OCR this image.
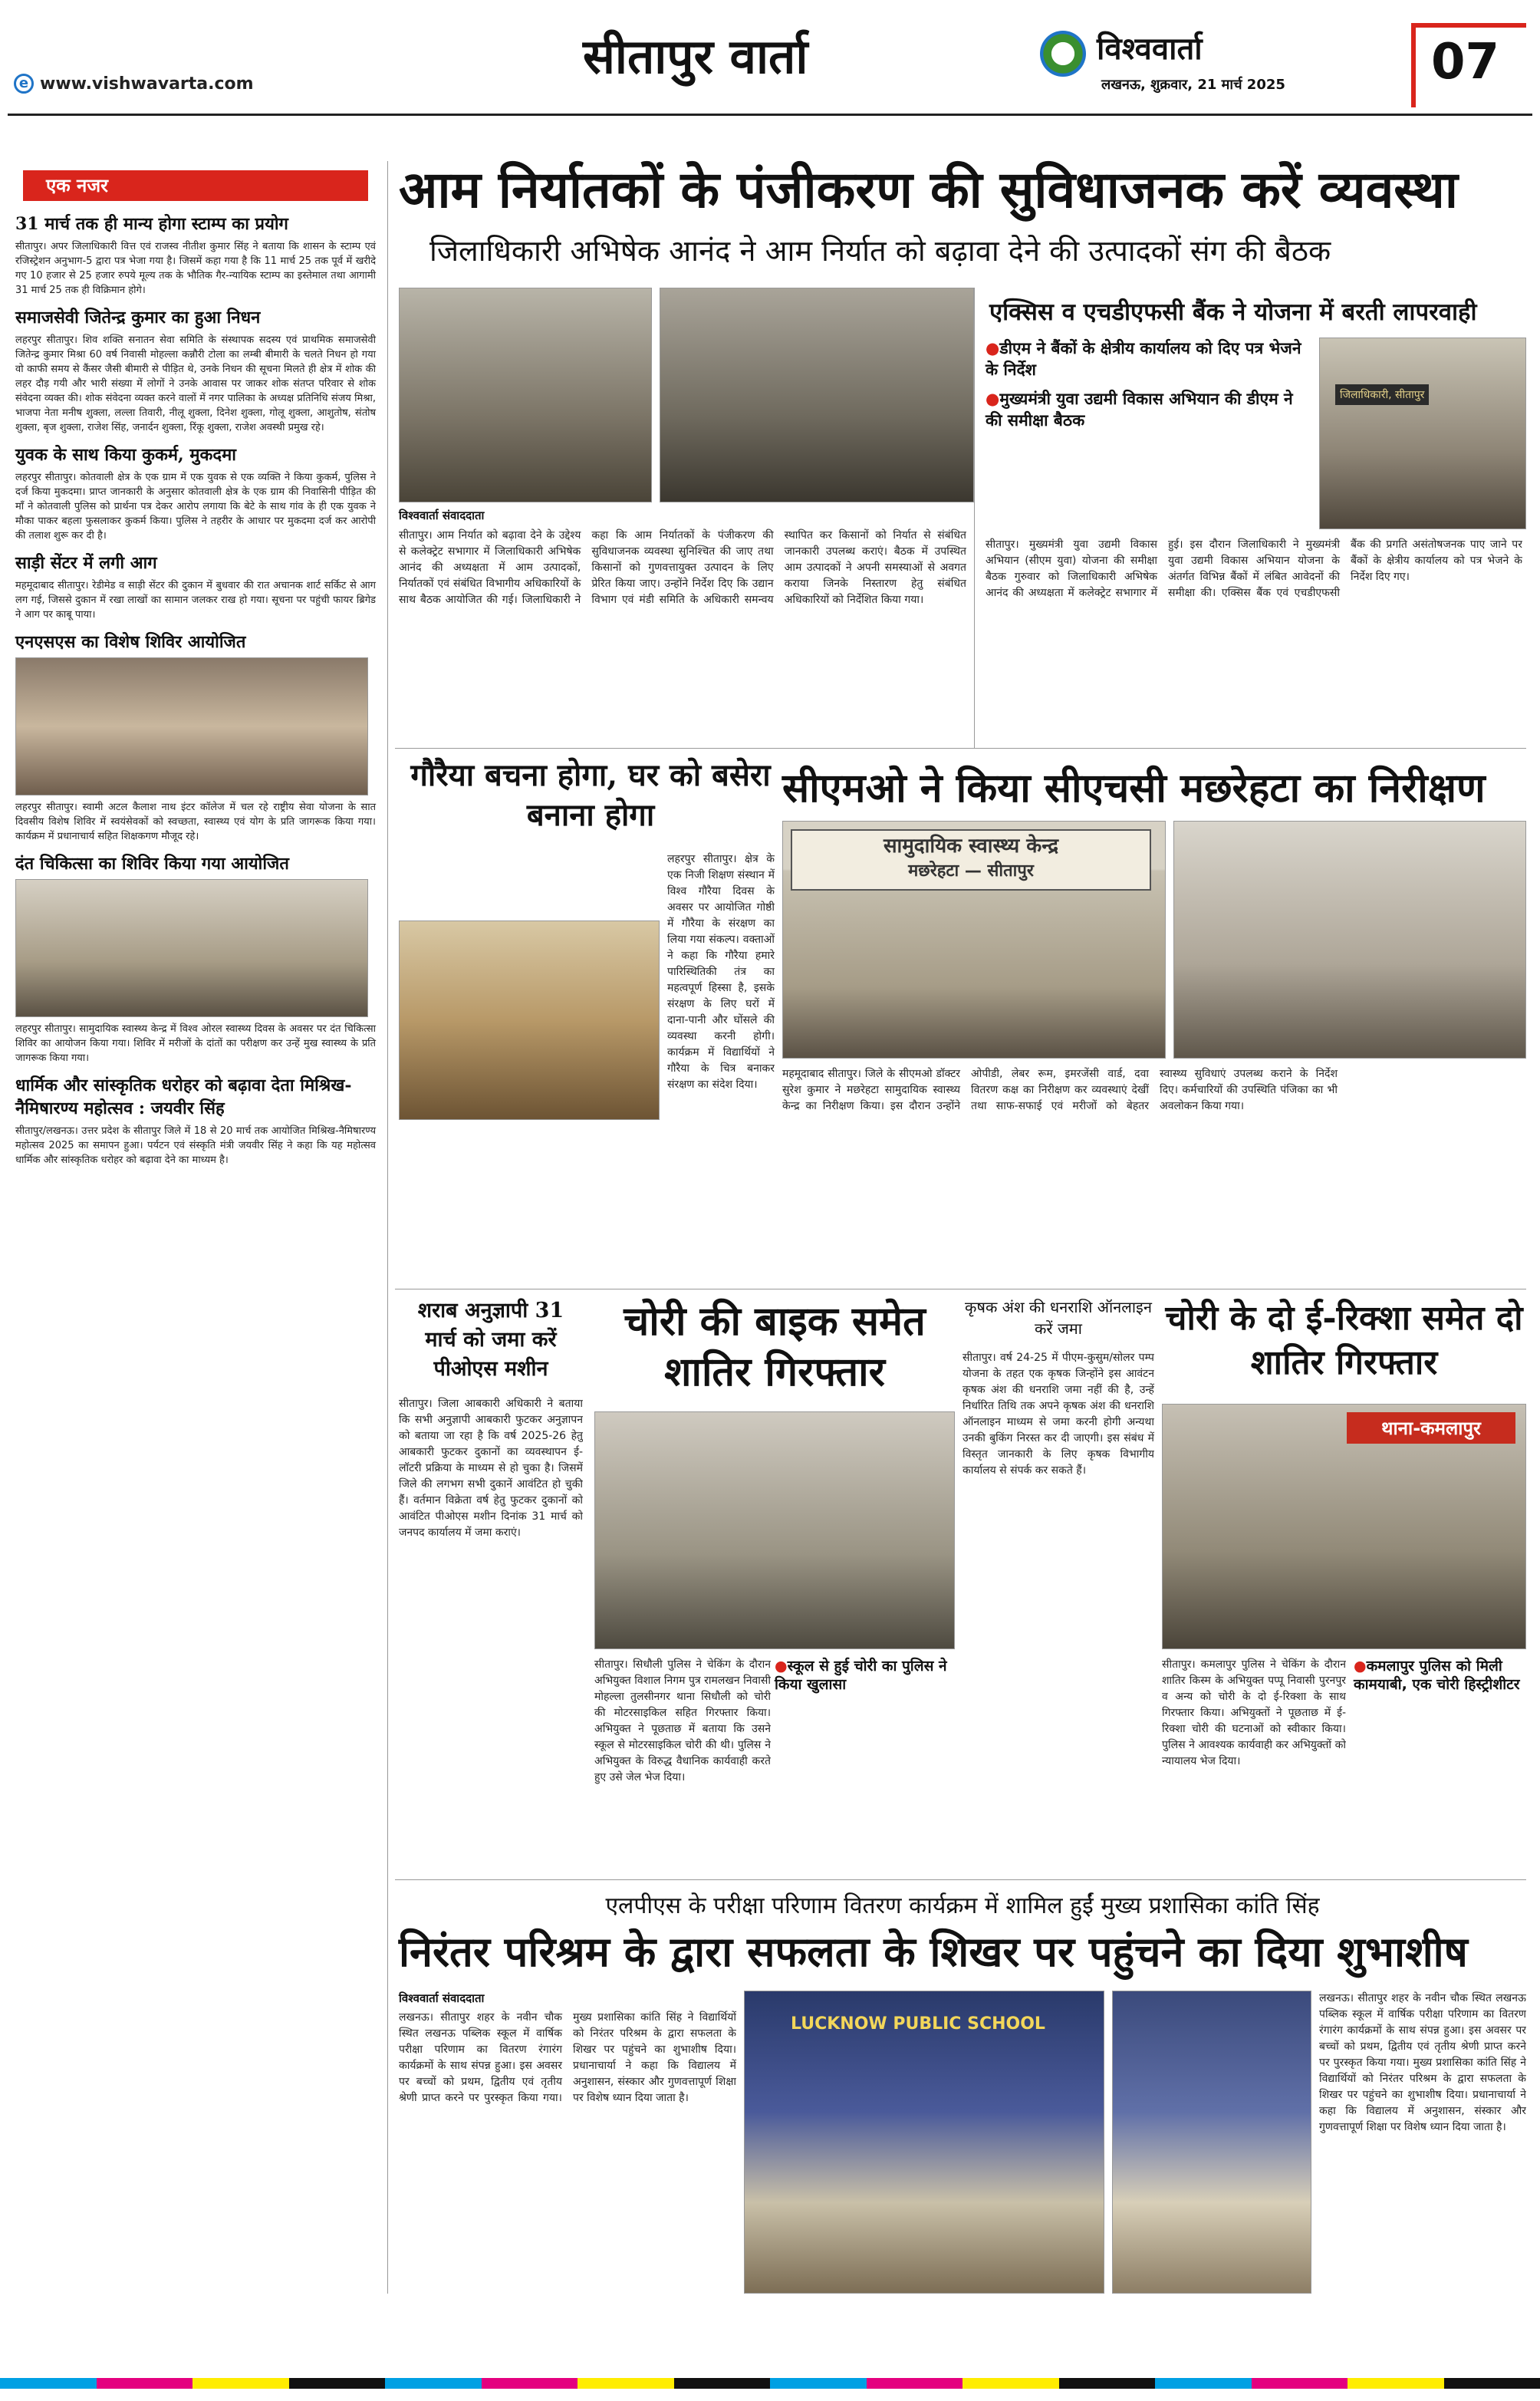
e www.vishwavarta.com	सीतापुर वार्ता	विश्ववार्ता
लखनऊ, शुक्रवार, 21 मार्च 2025	07
एक नजर
31 मार्च तक ही मान्य होगा स्टाम्प का प्रयोग
सीतापुर। अपर जिलाधिकारी वित्त एवं राजस्व नीतीश कुमार सिंह ने बताया कि शासन के स्टाम्प एवं रजिस्ट्रेशन अनुभाग-5 द्वारा पत्र भेजा गया है। जिसमें कहा गया है कि 11 मार्च 25 तक पूर्व में खरीदे गए 10 हजार से 25 हजार रुपये मूल्य तक के भौतिक गैर-न्यायिक स्टाम्प का इस्तेमाल तथा आगामी 31 मार्च 25 तक ही विक्रिमान होगे।
समाजसेवी जितेन्द्र कुमार का हुआ निधन
लहरपुर सीतापुर। शिव शक्ति सनातन सेवा समिति के संस्थापक सदस्य एवं प्राथमिक समाजसेवी जितेन्द्र कुमार मिश्रा 60 वर्ष निवासी मोहल्ला कन्नौरी टोला का लम्बी बीमारी के चलते निधन हो गया वो काफी समय से कैंसर जैसी बीमारी से पीड़ित थे, उनके निधन की सूचना मिलते ही क्षेत्र में शोक की लहर दौड़ गयी और भारी संख्या में लोगों ने उनके आवास पर जाकर शोक संतप्त परिवार से शोक संवेदना व्यक्त की। शोक संवेदना व्यक्त करने वालों में नगर पालिका के अध्यक्ष प्रतिनिधि संजय मिश्रा, भाजपा नेता मनीष शुक्ला, लल्ला तिवारी, नीलू शुक्ला, दिनेश शुक्ला, गोलू शुक्ला, आशुतोष, संतोष शुक्ला, बृज शुक्ला, राजेश सिंह, जनार्दन शुक्ला, रिंकू शुक्ला, राजेश अवस्थी प्रमुख रहे।
युवक के साथ किया कुकर्म, मुकदमा
लहरपुर सीतापुर। कोतवाली क्षेत्र के एक ग्राम में एक युवक से एक व्यक्ति ने किया कुकर्म, पुलिस ने दर्ज किया मुकदमा। प्राप्त जानकारी के अनुसार कोतवाली क्षेत्र के एक ग्राम की निवासिनी पीड़ित की माँ ने कोतवाली पुलिस को प्रार्थना पत्र देकर आरोप लगाया कि बेटे के साथ गांव के ही एक युवक ने मौका पाकर बहला फुसलाकर कुकर्म किया। पुलिस ने तहरीर के आधार पर मुकदमा दर्ज कर आरोपी की तलाश शुरू कर दी है।
साड़ी सेंटर में लगी आग
महमूदाबाद सीतापुर। रेडीमेड व साड़ी सेंटर की दुकान में बुधवार की रात अचानक शार्ट सर्किट से आग लग गई, जिससे दुकान में रखा लाखों का सामान जलकर राख हो गया। सूचना पर पहुंची फायर ब्रिगेड ने आग पर काबू पाया।
एनएसएस का विशेष शिविर आयोजित
लहरपुर सीतापुर। स्वामी अटल कैलाश नाथ इंटर कॉलेज में चल रहे राष्ट्रीय सेवा योजना के सात दिवसीय विशेष शिविर में स्वयंसेवकों को स्वच्छता, स्वास्थ्य एवं योग के प्रति जागरूक किया गया। कार्यक्रम में प्रधानाचार्य सहित शिक्षकगण मौजूद रहे।
दंत चिकित्सा का शिविर किया गया आयोजित
लहरपुर सीतापुर। सामुदायिक स्वास्थ्य केन्द्र में विश्व ओरल स्वास्थ्य दिवस के अवसर पर दंत चिकित्सा शिविर का आयोजन किया गया। शिविर में मरीजों के दांतों का परीक्षण कर उन्हें मुख स्वास्थ्य के प्रति जागरूक किया गया।
धार्मिक और सांस्कृतिक धरोहर को बढ़ावा देता मिश्रिख-नैमिषारण्य महोत्सव : जयवीर सिंह
सीतापुर/लखनऊ। उत्तर प्रदेश के सीतापुर जिले में 18 से 20 मार्च तक आयोजित मिश्रिख-नैमिषारण्य महोत्सव 2025 का समापन हुआ। पर्यटन एवं संस्कृति मंत्री जयवीर सिंह ने कहा कि यह महोत्सव धार्मिक और सांस्कृतिक धरोहर को बढ़ावा देने का माध्यम है।
आम निर्यातकों के पंजीकरण की सुविधाजनक करें व्यवस्था
जिलाधिकारी अभिषेक आनंद ने आम निर्यात को बढ़ावा देने की उत्पादकों संग की बैठक
विश्ववार्ता संवाददाता
सीतापुर। आम निर्यात को बढ़ावा देने के उद्देश्य से कलेक्ट्रेट सभागार में जिलाधिकारी अभिषेक आनंद की अध्यक्षता में आम उत्पादकों, निर्यातकों एवं संबंधित विभागीय अधिकारियों के साथ बैठक आयोजित की गई। जिलाधिकारी ने कहा कि आम निर्यातकों के पंजीकरण की सुविधाजनक व्यवस्था सुनिश्चित की जाए तथा किसानों को गुणवत्तायुक्त उत्पादन के लिए प्रेरित किया जाए। उन्होंने निर्देश दिए कि उद्यान विभाग एवं मंडी समिति के अधिकारी समन्वय स्थापित कर किसानों को निर्यात से संबंधित जानकारी उपलब्ध कराएं। बैठक में उपस्थित आम उत्पादकों ने अपनी समस्याओं से अवगत कराया जिनके निस्तारण हेतु संबंधित अधिकारियों को निर्देशित किया गया।
एक्सिस व एचडीएफसी बैंक ने योजना में बरती लापरवाही
●डीएम ने बैंकों के क्षेत्रीय कार्यालय को दिए पत्र भेजने के निर्देश
●मुख्यमंत्री युवा उद्यमी विकास अभियान की डीएम ने की समीक्षा बैठक
जिलाधिकारी, सीतापुर
सीतापुर। मुख्यमंत्री युवा उद्यमी विकास अभियान (सीएम युवा) योजना की समीक्षा बैठक गुरुवार को जिलाधिकारी अभिषेक आनंद की अध्यक्षता में कलेक्ट्रेट सभागार में हुई। इस दौरान जिलाधिकारी ने मुख्यमंत्री युवा उद्यमी विकास अभियान योजना के अंतर्गत विभिन्न बैंकों में लंबित आवेदनों की समीक्षा की। एक्सिस बैंक एवं एचडीएफसी बैंक की प्रगति असंतोषजनक पाए जाने पर बैंकों के क्षेत्रीय कार्यालय को पत्र भेजने के निर्देश दिए गए।
गौरैया बचना होगा, घर को बसेरा बनाना होगा
लहरपुर सीतापुर। क्षेत्र के एक निजी शिक्षण संस्थान में विश्व गौरैया दिवस के अवसर पर आयोजित गोष्ठी में गौरैया के संरक्षण का लिया गया संकल्प। वक्ताओं ने कहा कि गौरैया हमारे पारिस्थितिकी तंत्र का महत्वपूर्ण हिस्सा है, इसके संरक्षण के लिए घरों में दाना-पानी और घोंसले की व्यवस्था करनी होगी। कार्यक्रम में विद्यार्थियों ने गौरैया के चित्र बनाकर संरक्षण का संदेश दिया।
सीएमओ ने किया सीएचसी मछरेहटा का निरीक्षण
सामुदायिक स्वास्थ्य केन्द्र
मछरेहटा — सीतापुर
महमूदाबाद सीतापुर। जिले के सीएमओ डॉक्टर सुरेश कुमार ने मछरेहटा सामुदायिक स्वास्थ्य केन्द्र का निरीक्षण किया। इस दौरान उन्होंने ओपीडी, लेबर रूम, इमरजेंसी वार्ड, दवा वितरण कक्ष का निरीक्षण कर व्यवस्थाएं देखीं तथा साफ-सफाई एवं मरीजों को बेहतर स्वास्थ्य सुविधाएं उपलब्ध कराने के निर्देश दिए। कर्मचारियों की उपस्थिति पंजिका का भी अवलोकन किया गया।
शराब अनुज्ञापी 31 मार्च को जमा करें पीओएस मशीन
सीतापुर। जिला आबकारी अधिकारी ने बताया कि सभी अनुज्ञापी आबकारी फुटकर अनुज्ञापन को बताया जा रहा है कि वर्ष 2025-26 हेतु आबकारी फुटकर दुकानों का व्यवस्थापन ई-लॉटरी प्रक्रिया के माध्यम से हो चुका है। जिसमें जिले की लगभग सभी दुकानें आवंटित हो चुकी हैं। वर्तमान विक्रेता वर्ष हेतु फुटकर दुकानों को आवंटित पीओएस मशीन दिनांक 31 मार्च को जनपद कार्यालय में जमा कराएं।
चोरी की बाइक समेत शातिर गिरफ्तार
●स्कूल से हुई चोरी का पुलिस ने किया खुलासा
सीतापुर। सिधौली पुलिस ने चेकिंग के दौरान अभियुक्त विशाल निगम पुत्र रामलखन निवासी मोहल्ला तुलसीनगर थाना सिधौली को चोरी की मोटरसाइकिल सहित गिरफ्तार किया। अभियुक्त ने पूछताछ में बताया कि उसने स्कूल से मोटरसाइकिल चोरी की थी। पुलिस ने अभियुक्त के विरुद्ध वैधानिक कार्यवाही करते हुए उसे जेल भेज दिया।
कृषक अंश की धनराशि ऑनलाइन करें जमा
सीतापुर। वर्ष 24-25 में पीएम-कुसुम/सोलर पम्प योजना के तहत एक कृषक जिन्होंने इस आवंटन कृषक अंश की धनराशि जमा नहीं की है, उन्हें निर्धारित तिथि तक अपने कृषक अंश की धनराशि ऑनलाइन माध्यम से जमा करनी होगी अन्यथा उनकी बुकिंग निरस्त कर दी जाएगी। इस संबंध में विस्तृत जानकारी के लिए कृषक विभागीय कार्यालय से संपर्क कर सकते हैं।
चोरी के दो ई-रिक्शा समेत दो शातिर गिरफ्तार
थाना-कमलापुर
सीतापुर। कमलापुर पुलिस ने चेकिंग के दौरान शातिर किस्म के अभियुक्त पप्पू निवासी पुरनपुर व अन्य को चोरी के दो ई-रिक्शा के साथ गिरफ्तार किया। अभियुक्तों ने पूछताछ में ई-रिक्शा चोरी की घटनाओं को स्वीकार किया। पुलिस ने आवश्यक कार्यवाही कर अभियुक्तों को न्यायालय भेज दिया।
●कमलापुर पुलिस को मिली कामयाबी, एक चोरी हिस्ट्रीशीटर
एलपीएस के परीक्षा परिणाम वितरण कार्यक्रम में शामिल हुईं मुख्य प्रशासिका कांति सिंह
निरंतर परिश्रम के द्वारा सफलता के शिखर पर पहुंचने का दिया शुभाशीष
विश्ववार्ता संवाददाता
लखनऊ। सीतापुर शहर के नवीन चौक स्थित लखनऊ पब्लिक स्कूल में वार्षिक परीक्षा परिणाम का वितरण रंगारंग कार्यक्रमों के साथ संपन्न हुआ। इस अवसर पर बच्चों को प्रथम, द्वितीय एवं तृतीय श्रेणी प्राप्त करने पर पुरस्कृत किया गया। मुख्य प्रशासिका कांति सिंह ने विद्यार्थियों को निरंतर परिश्रम के द्वारा सफलता के शिखर पर पहुंचने का शुभाशीष दिया। प्रधानाचार्या ने कहा कि विद्यालय में अनुशासन, संस्कार और गुणवत्तापूर्ण शिक्षा पर विशेष ध्यान दिया जाता है।
LUCKNOW PUBLIC SCHOOL
लखनऊ। सीतापुर शहर के नवीन चौक स्थित लखनऊ पब्लिक स्कूल में वार्षिक परीक्षा परिणाम का वितरण रंगारंग कार्यक्रमों के साथ संपन्न हुआ। इस अवसर पर बच्चों को प्रथम, द्वितीय एवं तृतीय श्रेणी प्राप्त करने पर पुरस्कृत किया गया। मुख्य प्रशासिका कांति सिंह ने विद्यार्थियों को निरंतर परिश्रम के द्वारा सफलता के शिखर पर पहुंचने का शुभाशीष दिया। प्रधानाचार्या ने कहा कि विद्यालय में अनुशासन, संस्कार और गुणवत्तापूर्ण शिक्षा पर विशेष ध्यान दिया जाता है।
